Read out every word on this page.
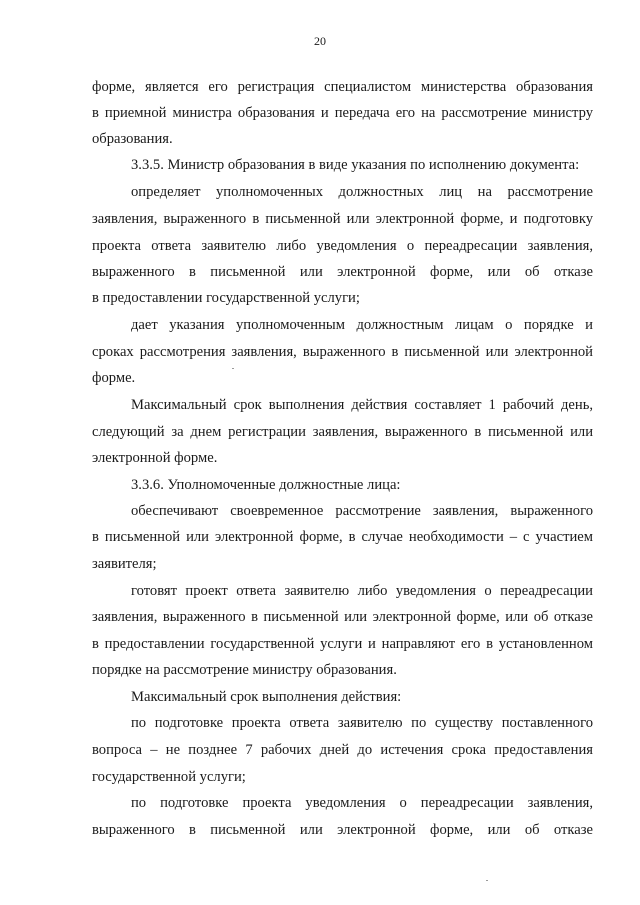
20
форме, является его регистрация специалистом министерства образования
в приемной министра образования и передача его на рассмотрение министру
образования.
3.3.5. Министр образования в виде указания по исполнению документа:
определяет уполномоченных должностных лиц на рассмотрение
заявления, выраженного в письменной или электронной форме, и подготовку
проекта ответа заявителю либо уведомления о переадресации заявления,
выраженного в письменной или электронной форме, или об отказе
в предоставлении государственной услуги;
дает указания уполномоченным должностным лицам о порядке и
сроках рассмотрения заявления, выраженного в письменной или электронной
форме.
Максимальный срок выполнения действия составляет 1 рабочий день,
следующий за днем регистрации заявления, выраженного в письменной или
электронной форме.
3.3.6. Уполномоченные должностные лица:
обеспечивают своевременное рассмотрение заявления, выраженного
в письменной или электронной форме, в случае необходимости – с участием
заявителя;
готовят проект ответа заявителю либо уведомления о переадресации
заявления, выраженного в письменной или электронной форме, или об отказе
в предоставлении государственной услуги и направляют его в установленном
порядке на рассмотрение министру образования.
Максимальный срок выполнения действия:
по подготовке проекта ответа заявителю по существу поставленного
вопроса – не позднее 7 рабочих дней до истечения срока предоставления
государственной услуги;
по подготовке проекта уведомления о переадресации заявления,
выраженного в письменной или электронной форме, или об отказе
